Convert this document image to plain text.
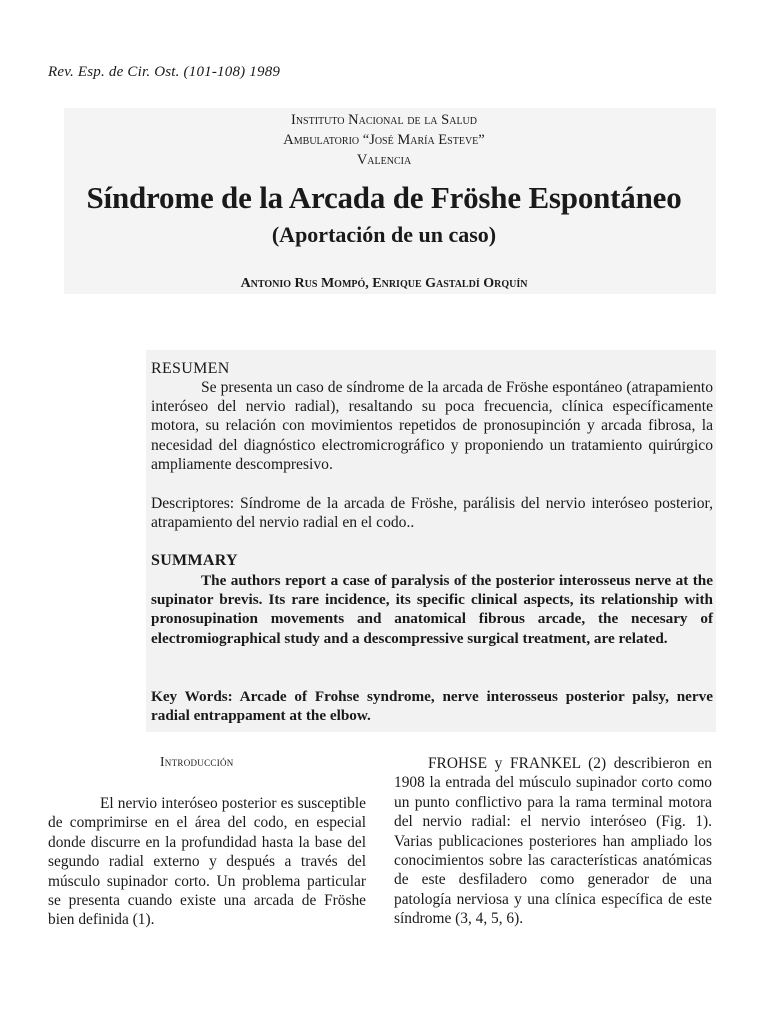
Rev. Esp. de Cir. Ost. (101-108) 1989
Instituto Nacional de la Salud
Ambulatorio “José María Esteve”
Valencia
Síndrome de la Arcada de Fröshe Espontáneo
(Aportación de un caso)
Antonio Rus Mompó, Enrique Gastaldí Orquín
RESUMEN

Se presenta un caso de síndrome de la arcada de Fröshe espontáneo (atrapamiento interóseo del nervio radial), resaltando su poca frecuencia, clínica específicamente motora, su relación con movimientos repetidos de pronosupinción y arcada fibrosa, la necesidad del diagnóstico electromicrográfico y proponiendo un tratamiento quirúrgico ampliamente descompresivo.

Descriptores: Síndrome de la arcada de Fröshe, parálisis del nervio interóseo posterior, atrapamiento del nervio radial en el codo..

SUMMARY

The authors report a case of paralysis of the posterior interosseus nerve at the supinator brevis. Its rare incidence, its specific clinical aspects, its relationship with pronosupination movements and anatomical fibrous arcade, the necesary of electromiographical study and a descompressive surgical treatment, are related.

Key Words: Arcade of Frohse syndrome, nerve interosseus posterior palsy, nerve radial entrappament at the elbow.

Introducción

El nervio interóseo posterior es susceptible de comprimirse en el área del codo, en especial donde discurre en la profundidad hasta la base del segundo radial externo y después a través del músculo supinador corto. Un problema particular se presenta cuando existe una arcada de Fröshe bien definida (1).

FROHSE y FRANKEL (2) describieron en 1908 la entrada del músculo supinador corto como un punto conflictivo para la rama terminal motora del nervio radial: el nervio interóseo (Fig. 1). Varias publicaciones posteriores han ampliado los conocimientos sobre las características anatómicas de este desfiladero como generador de una patología nerviosa y una clínica específica de este síndrome (3, 4, 5, 6).
